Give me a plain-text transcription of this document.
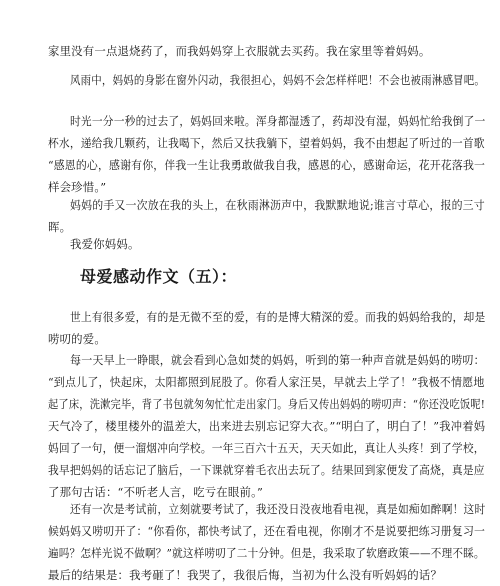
家里没有一点退烧药了，而我妈妈穿上衣服就去买药。我在家里等着妈妈。

风雨中，妈妈的身影在窗外闪动，我很担心，妈妈不会怎样样吧！不会也被雨淋感冒吧。

时光一分一秒的过去了，妈妈回来啦。浑身都湿透了，药却没有湿，妈妈忙给我倒了一
杯水，递给我几颗药，让我喝下，然后又扶我躺下，望着妈妈，我不由想起了听过的一首歌
“感恩的心，感谢有你，伴我一生让我勇敢做我自我，感恩的心，感谢命运，花开花落我一
样会珍惜。”

妈妈的手又一次放在我的头上，在秋雨淋沥声中，我默默地说;谁言寸草心，报的三寸
晖。

我爱你妈妈。

母爱感动作文（五）：

世上有很多爱，有的是无微不至的爱，有的是博大精深的爱。而我的妈妈给我的，却是
唠叨的爱。

每一天早上一睁眼，就会看到心急如焚的妈妈，听到的第一种声音就是妈妈的唠叨：
“到点儿了，快起床，太阳都照到屁股了。你看人家汪昊，早就去上学了！”我极不情愿地
起了床，洗漱完毕，背了书包就匆匆忙忙走出家门。身后又传出妈妈的唠叨声：“你还没吃饭呢!
天气冷了，楼里楼外的温差大，出来进去别忘记穿大衣。”“明白了，明白了！”我冲着妈
妈回了一句，便一溜烟冲向学校。一年三百六十五天，天天如此，真让人头疼！到了学校，
我早把妈妈的话忘记了脑后，一下课就穿着毛衣出去玩了。结果回到家便发了高烧，真是应
了那句古话：“不听老人言，吃亏在眼前。”

还有一次是考试前，立刻就要考试了，我还没日没夜地看电视，真是如痴如醉啊！这时
候妈妈又唠叨开了：“你看你，都快考试了，还在看电视，你刚才不是说要把练习册复习一
遍吗？怎样光说不做啊？”就这样唠叨了二十分钟。但是，我采取了软磨政策——不理不睬。
最后的结果是：我考砸了！我哭了，我很后悔，当初为什么没有听妈妈的话？
